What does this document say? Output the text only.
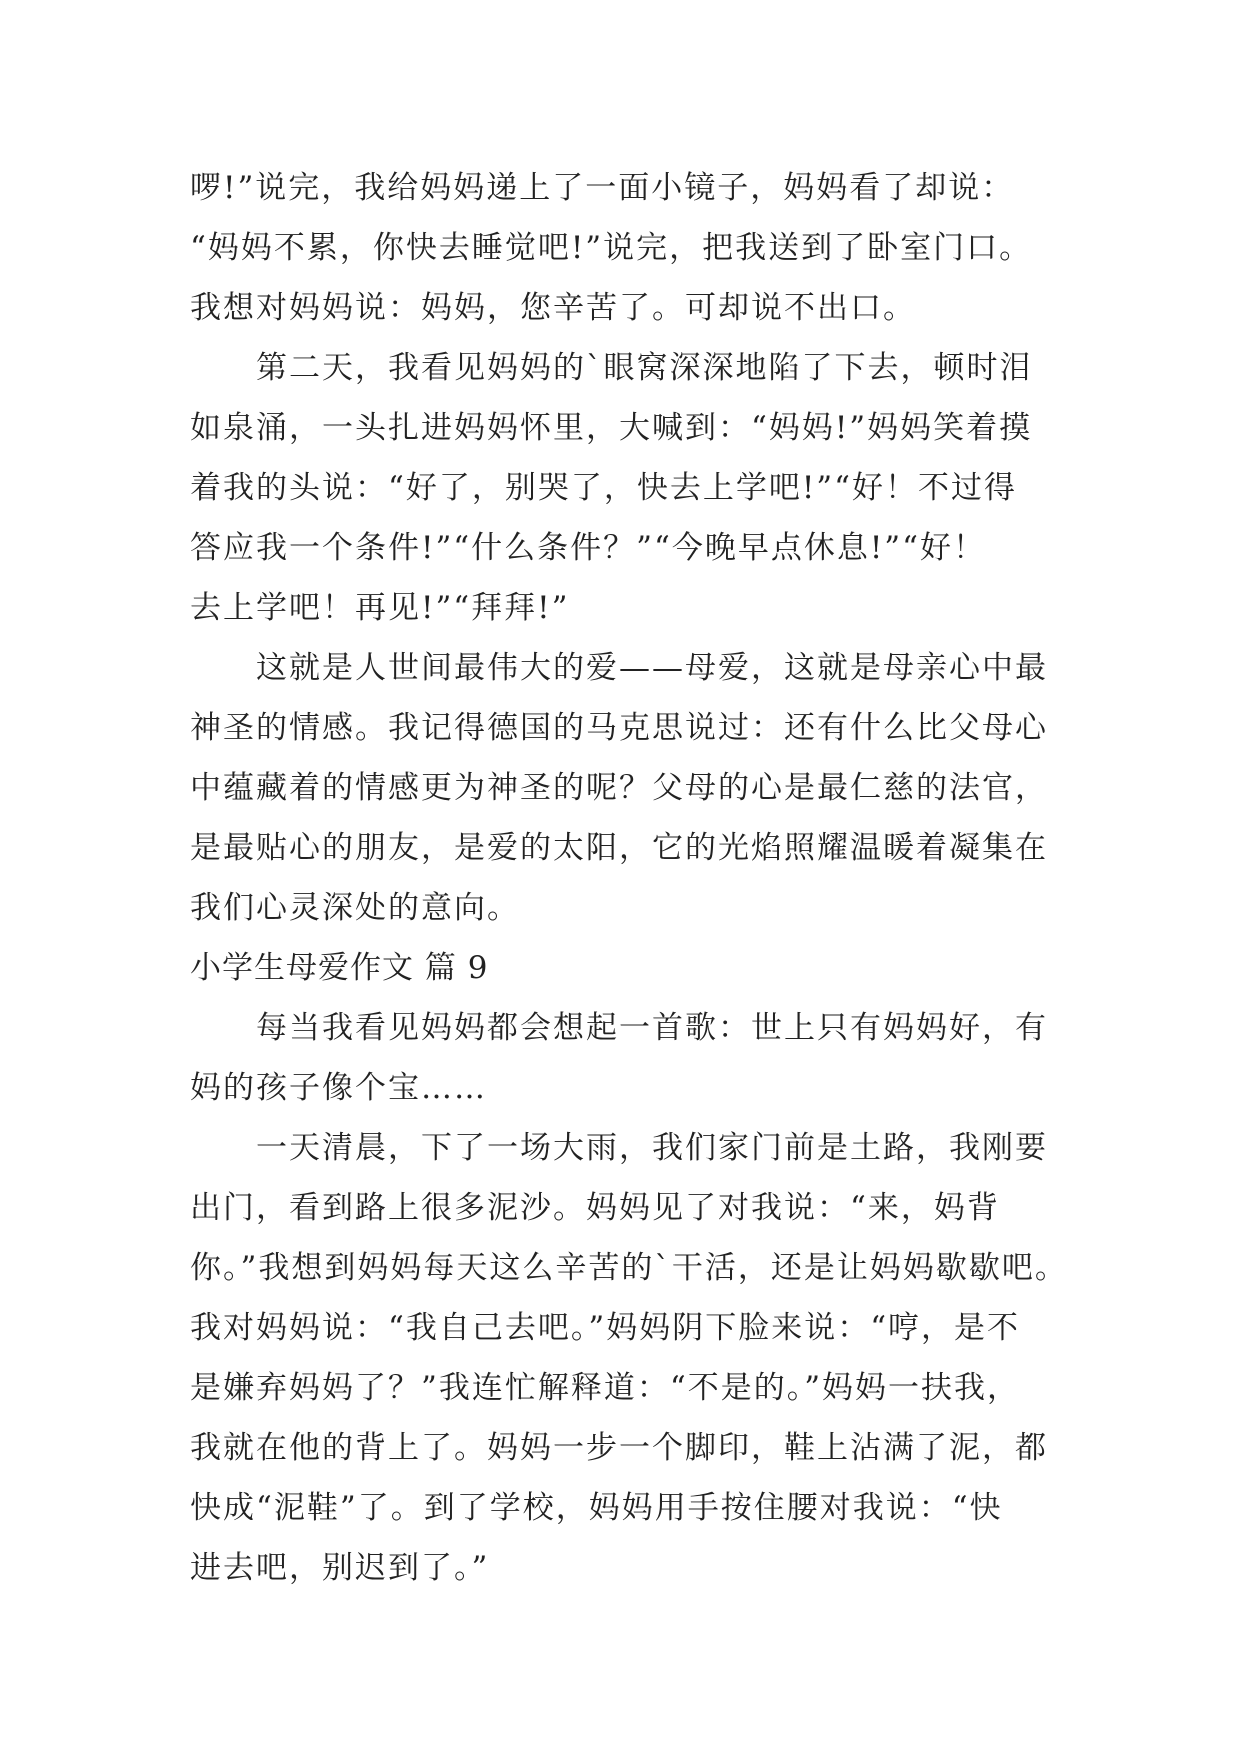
啰!”说完，我给妈妈递上了一面小镜子，妈妈看了却说：
“妈妈不累，你快去睡觉吧!”说完，把我送到了卧室门口。
我想对妈妈说：妈妈，您辛苦了。可却说不出口。
第二天，我看见妈妈的`眼窝深深地陷了下去，顿时泪
如泉涌，一头扎进妈妈怀里，大喊到：“妈妈!”妈妈笑着摸
着我的头说：“好了，别哭了，快去上学吧!”“好！不过得
答应我一个条件!”“什么条件？”“今晚早点休息!”“好！
去上学吧！再见!”“拜拜!”
这就是人世间最伟大的爱——母爱，这就是母亲心中最
神圣的情感。我记得德国的马克思说过：还有什么比父母心
中蕴藏着的情感更为神圣的呢？父母的心是最仁慈的法官，
是最贴心的朋友，是爱的太阳，它的光焰照耀温暖着凝集在
我们心灵深处的意向。
小学生母爱作文 篇 9
每当我看见妈妈都会想起一首歌：世上只有妈妈好，有
妈的孩子像个宝……
一天清晨，下了一场大雨，我们家门前是土路，我刚要
出门，看到路上很多泥沙。妈妈见了对我说：“来，妈背
你。”我想到妈妈每天这么辛苦的`干活，还是让妈妈歇歇吧。
我对妈妈说：“我自己去吧。”妈妈阴下脸来说：“哼，是不
是嫌弃妈妈了？”我连忙解释道：“不是的。”妈妈一扶我，
我就在他的背上了。妈妈一步一个脚印，鞋上沾满了泥，都
快成“泥鞋”了。到了学校，妈妈用手按住腰对我说：“快
进去吧，别迟到了。”
